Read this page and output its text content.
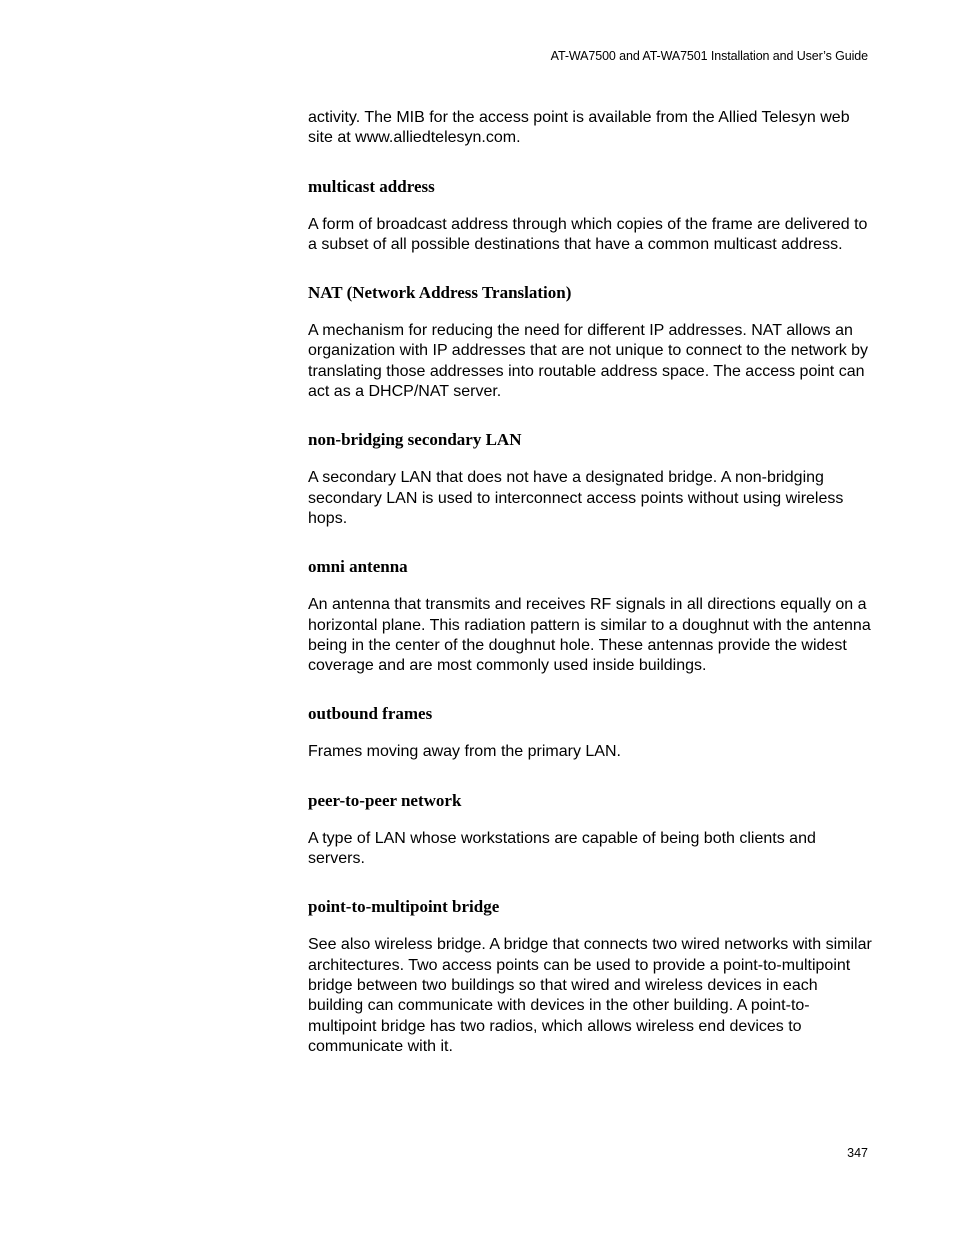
AT-WA7500 and AT-WA7501 Installation and User’s Guide

activity. The MIB for the access point is available from the Allied Telesyn web site at www.alliedtelesyn.com.

multicast address

A form of broadcast address through which copies of the frame are delivered to a subset of all possible destinations that have a common multicast address.

NAT (Network Address Translation)

A mechanism for reducing the need for different IP addresses. NAT allows an organization with IP addresses that are not unique to connect to the network by translating those addresses into routable address space. The access point can act as a DHCP/NAT server.

non-bridging secondary LAN

A secondary LAN that does not have a designated bridge. A non-bridging secondary LAN is used to interconnect access points without using wireless hops.

omni antenna

An antenna that transmits and receives RF signals in all directions equally on a horizontal plane. This radiation pattern is similar to a doughnut with the antenna being in the center of the doughnut hole. These antennas provide the widest coverage and are most commonly used inside buildings.

outbound frames

Frames moving away from the primary LAN.

peer-to-peer network

A type of LAN whose workstations are capable of being both clients and servers.

point-to-multipoint bridge

See also wireless bridge. A bridge that connects two wired networks with similar architectures. Two access points can be used to provide a point-to-multipoint bridge between two buildings so that wired and wireless devices in each building can communicate with devices in the other building. A point-to-multipoint bridge has two radios, which allows wireless end devices to communicate with it.

347
